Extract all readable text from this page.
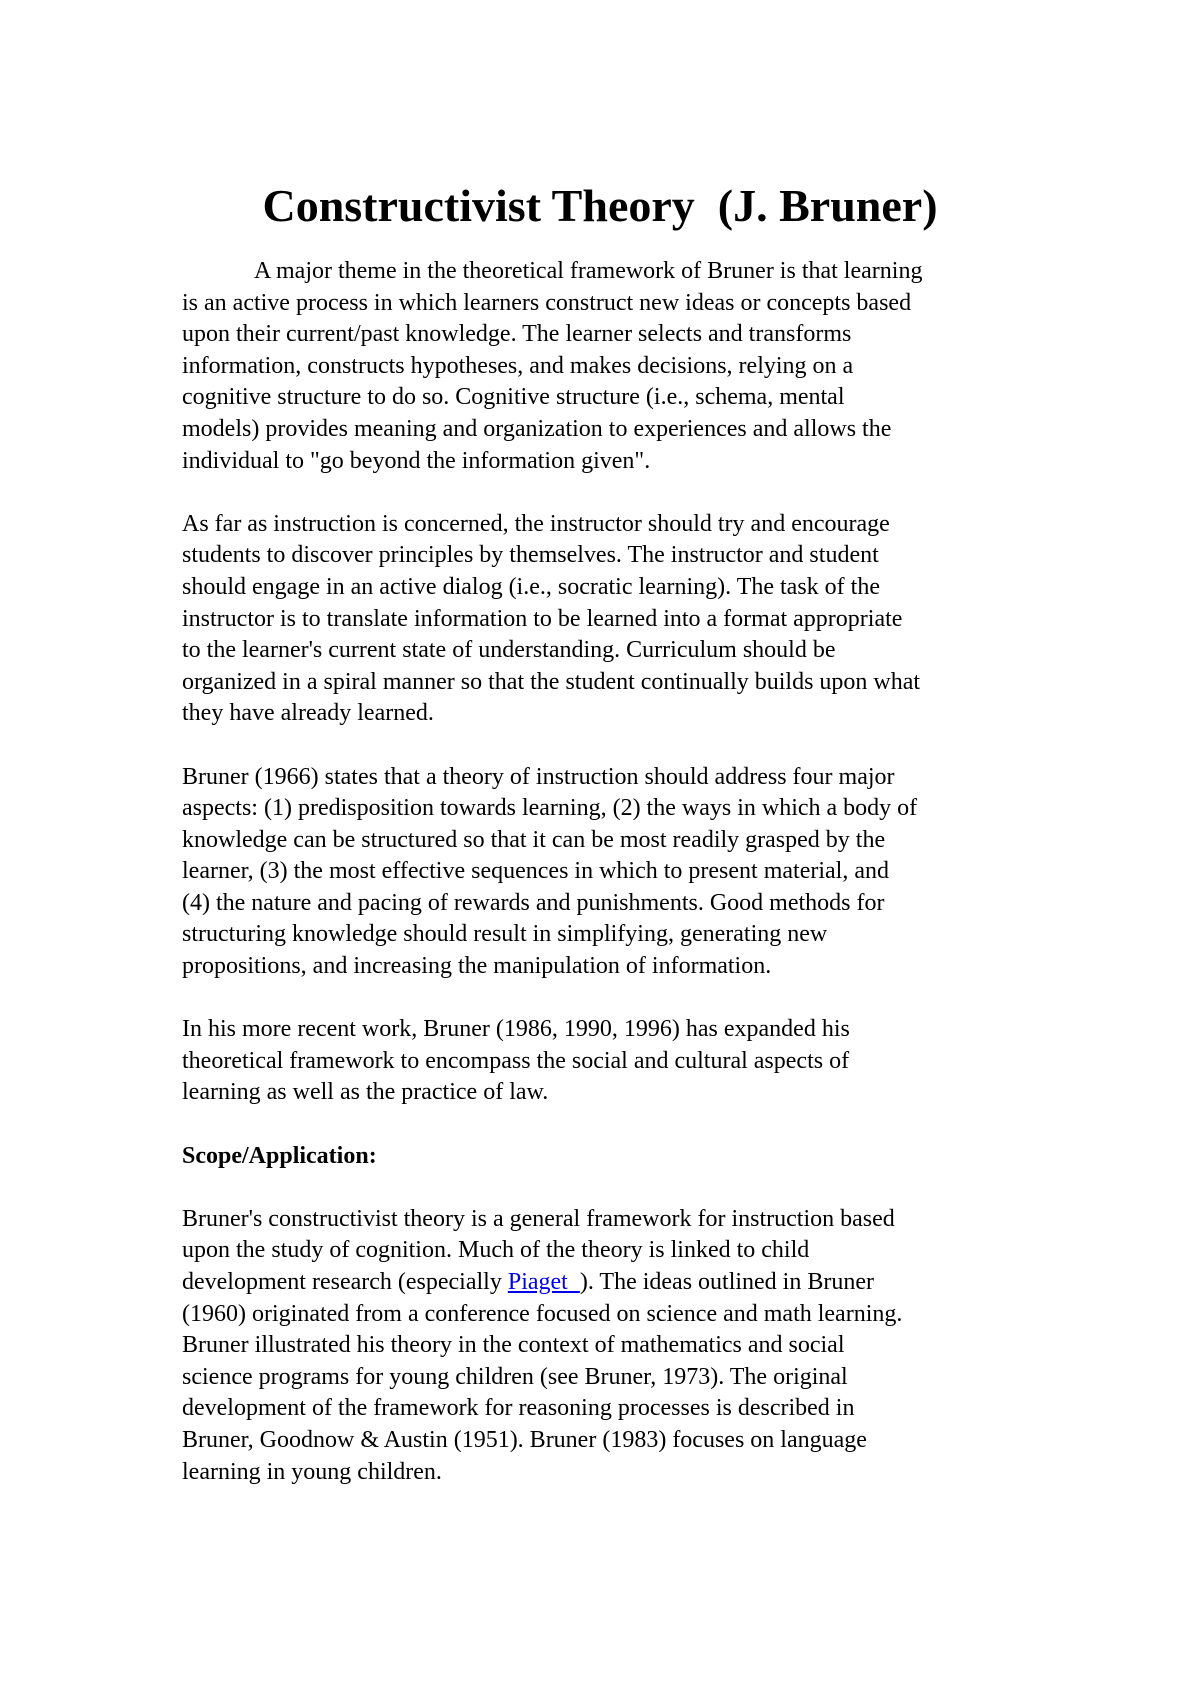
Constructivist Theory  (J. Bruner)

A major theme in the theoretical framework of Bruner is that learning
is an active process in which learners construct new ideas or concepts based
upon their current/past knowledge. The learner selects and transforms
information, constructs hypotheses, and makes decisions, relying on a
cognitive structure to do so. Cognitive structure (i.e., schema, mental
models) provides meaning and organization to experiences and allows the
individual to "go beyond the information given".

As far as instruction is concerned, the instructor should try and encourage
students to discover principles by themselves. The instructor and student
should engage in an active dialog (i.e., socratic learning). The task of the
instructor is to translate information to be learned into a format appropriate
to the learner's current state of understanding. Curriculum should be
organized in a spiral manner so that the student continually builds upon what
they have already learned.

Bruner (1966) states that a theory of instruction should address four major
aspects: (1) predisposition towards learning, (2) the ways in which a body of
knowledge can be structured so that it can be most readily grasped by the
learner, (3) the most effective sequences in which to present material, and
(4) the nature and pacing of rewards and punishments. Good methods for
structuring knowledge should result in simplifying, generating new
propositions, and increasing the manipulation of information.

In his more recent work, Bruner (1986, 1990, 1996) has expanded his
theoretical framework to encompass the social and cultural aspects of
learning as well as the practice of law.

Scope/Application:

Bruner's constructivist theory is a general framework for instruction based
upon the study of cognition. Much of the theory is linked to child
development research (especially Piaget  ). The ideas outlined in Bruner
(1960) originated from a conference focused on science and math learning.
Bruner illustrated his theory in the context of mathematics and social
science programs for young children (see Bruner, 1973). The original
development of the framework for reasoning processes is described in
Bruner, Goodnow & Austin (1951). Bruner (1983) focuses on language
learning in young children.
